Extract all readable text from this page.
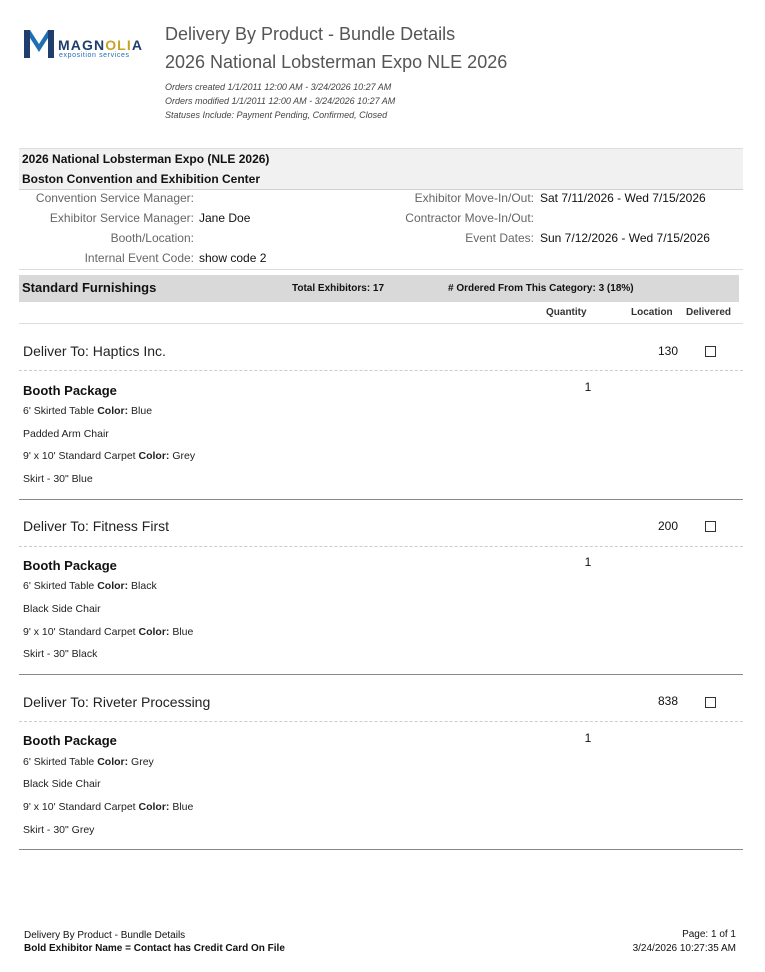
MAGNOLIA
exposition services
Delivery By Product - Bundle Details
2026 National Lobsterman Expo NLE 2026
Orders created 1/1/2011 12:00 AM - 3/24/2026 10:27 AM
Orders modified 1/1/2011 12:00 AM - 3/24/2026 10:27 AM
Statuses Include: Payment Pending, Confirmed, Closed
2026 National Lobsterman Expo (NLE 2026)
Boston Convention and Exhibition Center
Convention Service Manager:
Exhibitor Service Manager: Jane Doe
Booth/Location:
Internal Event Code: show code 2
Exhibitor Move-In/Out: Sat 7/11/2026 - Wed 7/15/2026
Contractor Move-In/Out:
Event Dates: Sun 7/12/2026 - Wed 7/15/2026
Standard Furnishings	Total Exhibitors: 17	# Ordered From This Category: 3 (18%)
Quantity	Location Delivered
Deliver To: Haptics Inc.	130
Booth Package	1
6' Skirted Table Color: Blue
Padded Arm Chair
9' x 10' Standard Carpet Color: Grey
Skirt - 30" Blue
Deliver To: Fitness First	200
Booth Package	1
6' Skirted Table Color: Black
Black Side Chair
9' x 10' Standard Carpet Color: Blue
Skirt - 30" Black
Deliver To: Riveter Processing	838
Booth Package	1
6' Skirted Table Color: Grey
Black Side Chair
9' x 10' Standard Carpet Color: Blue
Skirt - 30" Grey
Delivery By Product - Bundle Details
Bold Exhibitor Name = Contact has Credit Card On File
Page: 1 of 1
3/24/2026 10:27:35 AM
